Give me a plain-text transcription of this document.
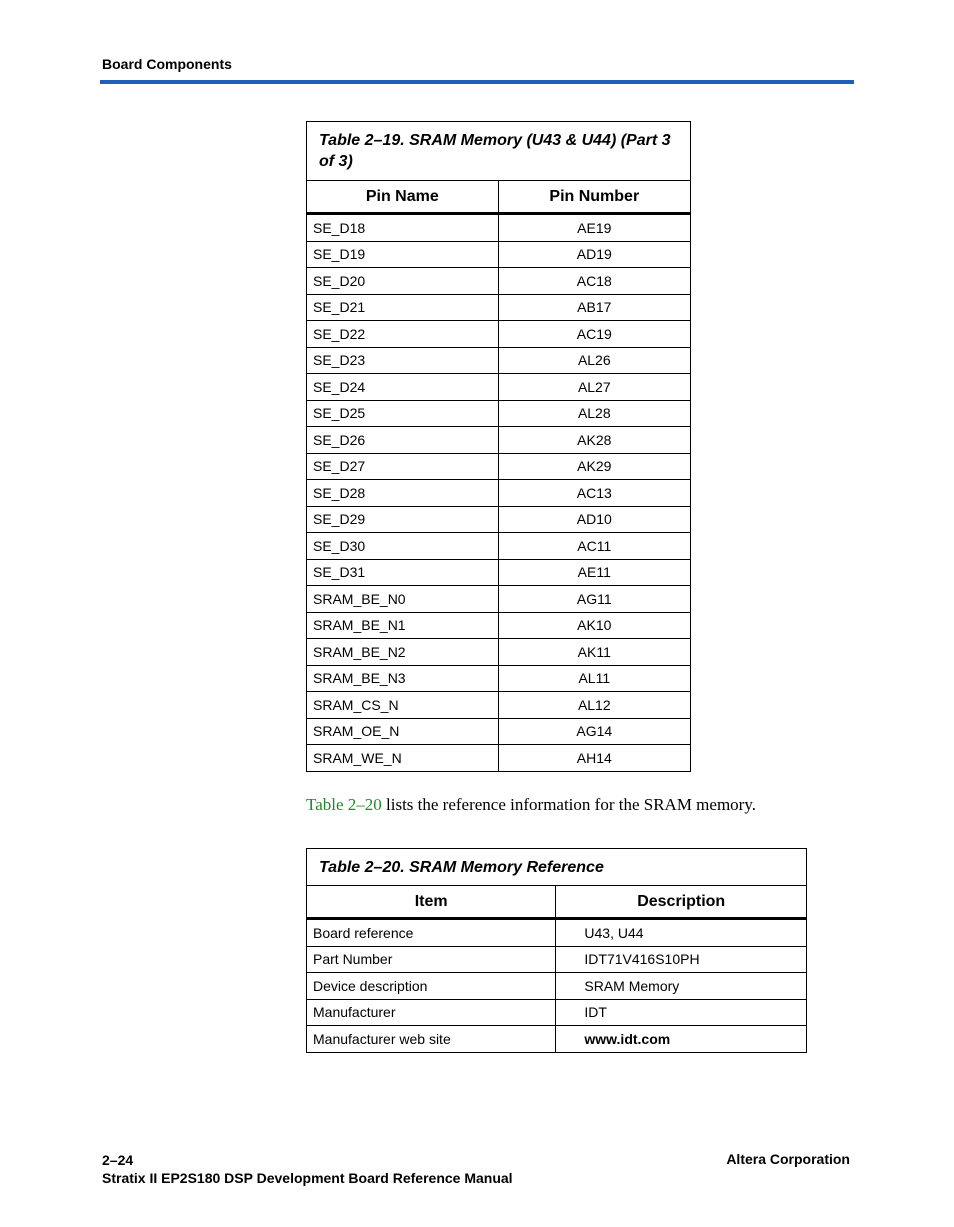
Board Components
Table 2–19. SRAM Memory (U43 & U44) (Part 3 of 3)	
Pin Name	Pin Number
SE_D18	AE19
SE_D19	AD19
SE_D20	AC18
SE_D21	AB17
SE_D22	AC19
SE_D23	AL26
SE_D24	AL27
SE_D25	AL28
SE_D26	AK28
SE_D27	AK29
SE_D28	AC13
SE_D29	AD10
SE_D30	AC11
SE_D31	AE11
SRAM_BE_N0	AG11
SRAM_BE_N1	AK10
SRAM_BE_N2	AK11
SRAM_BE_N3	AL11
SRAM_CS_N	AL12
SRAM_OE_N	AG14
SRAM_WE_N	AH14
Table 2–20 lists the reference information for the SRAM memory.
Table 2–20. SRAM Memory Reference	
Item	Description
Board reference	U43, U44
Part Number	IDT71V416S10PH
Device description	SRAM Memory
Manufacturer	IDT
Manufacturer web site	www.idt.com
2–24
Stratix II EP2S180 DSP Development Board Reference Manual
Altera Corporation
